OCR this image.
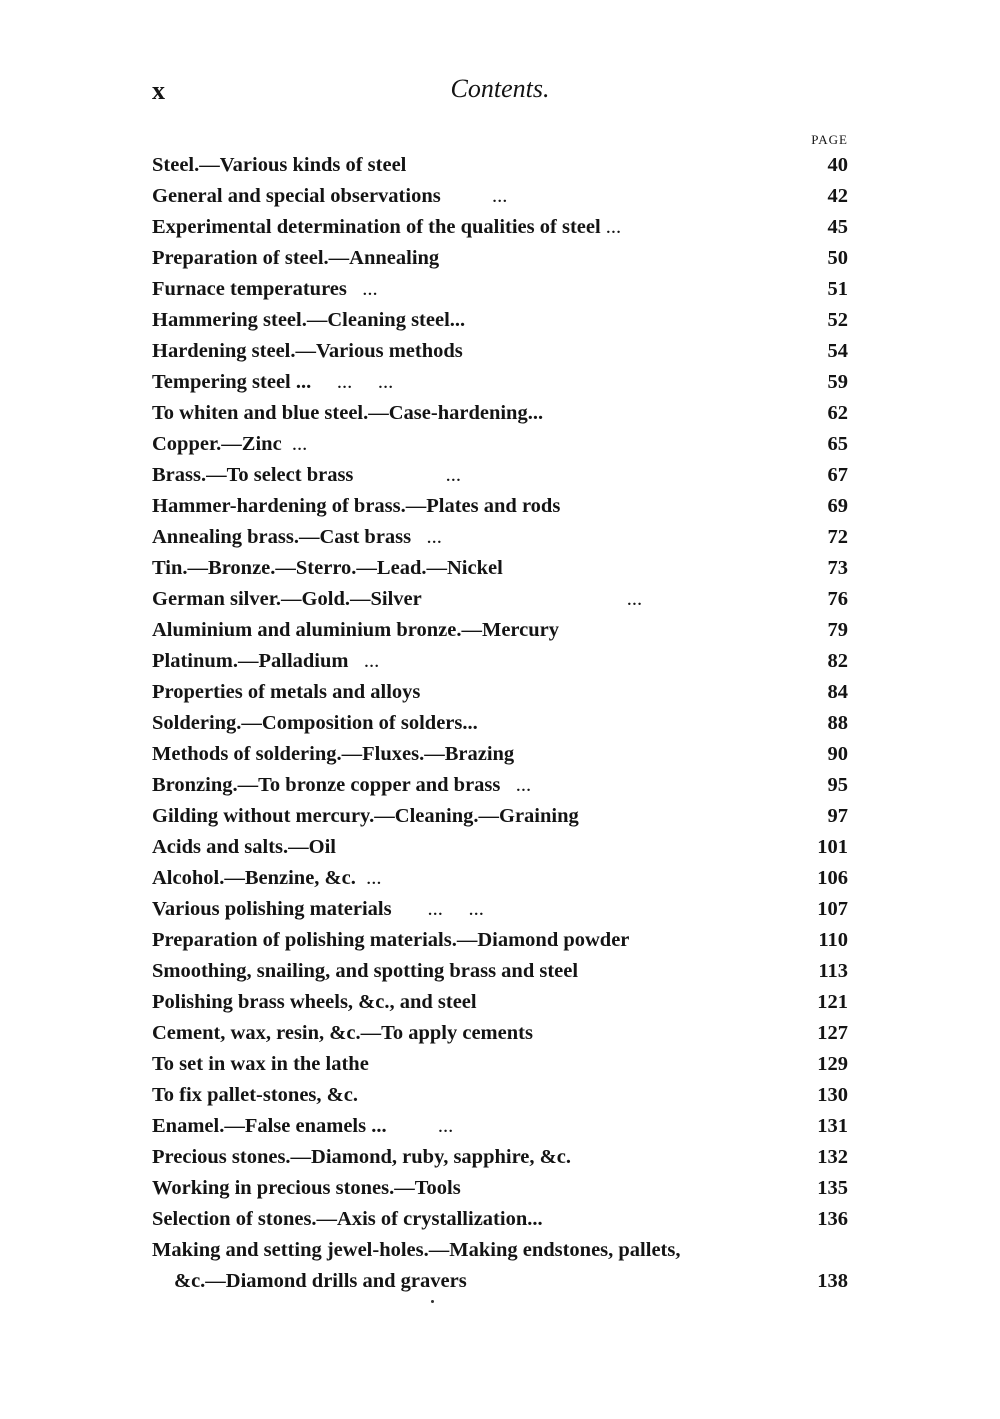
x	Contents.
PAGE
Steel.—Various kinds of steel	40
General and special observations          ...	42
Experimental determination of the qualities of steel ...	45
Preparation of steel.—Annealing	50
Furnace temperatures   ...	51
Hammering steel.—Cleaning steel...	52
Hardening steel.—Various methods	54
Tempering steel ...     ...     ...	59
To whiten and blue steel.—Case-hardening...	62
Copper.—Zinc  ...	65
Brass.—To select brass                  ...	67
Hammer-hardening of brass.—Plates and rods	69
Annealing brass.—Cast brass   ...	72
Tin.—Bronze.—Sterro.—Lead.—Nickel	73
German silver.—Gold.—Silver                                        ...	76
Aluminium and aluminium bronze.—Mercury	79
Platinum.—Palladium   ...	82
Properties of metals and alloys	84
Soldering.—Composition of solders...	88
Methods of soldering.—Fluxes.—Brazing	90
Bronzing.—To bronze copper and brass   ...	95
Gilding without mercury.—Cleaning.—Graining	97
Acids and salts.—Oil	101
Alcohol.—Benzine, &c.  ...	106
Various polishing materials       ...     ...	107
Preparation of polishing materials.—Diamond powder	110
Smoothing, snailing, and spotting brass and steel	113
Polishing brass wheels, &c., and steel	121
Cement, wax, resin, &c.—To apply cements	127
To set in wax in the lathe	129
To fix pallet-stones, &c.	130
Enamel.—False enamels ...          ...	131
Precious stones.—Diamond, ruby, sapphire, &c.	132
Working in precious stones.—Tools	135
Selection of stones.—Axis of crystallization...	136
Making and setting jewel-holes.—Making endstones, pallets,
&c.—Diamond drills and gravers	138
